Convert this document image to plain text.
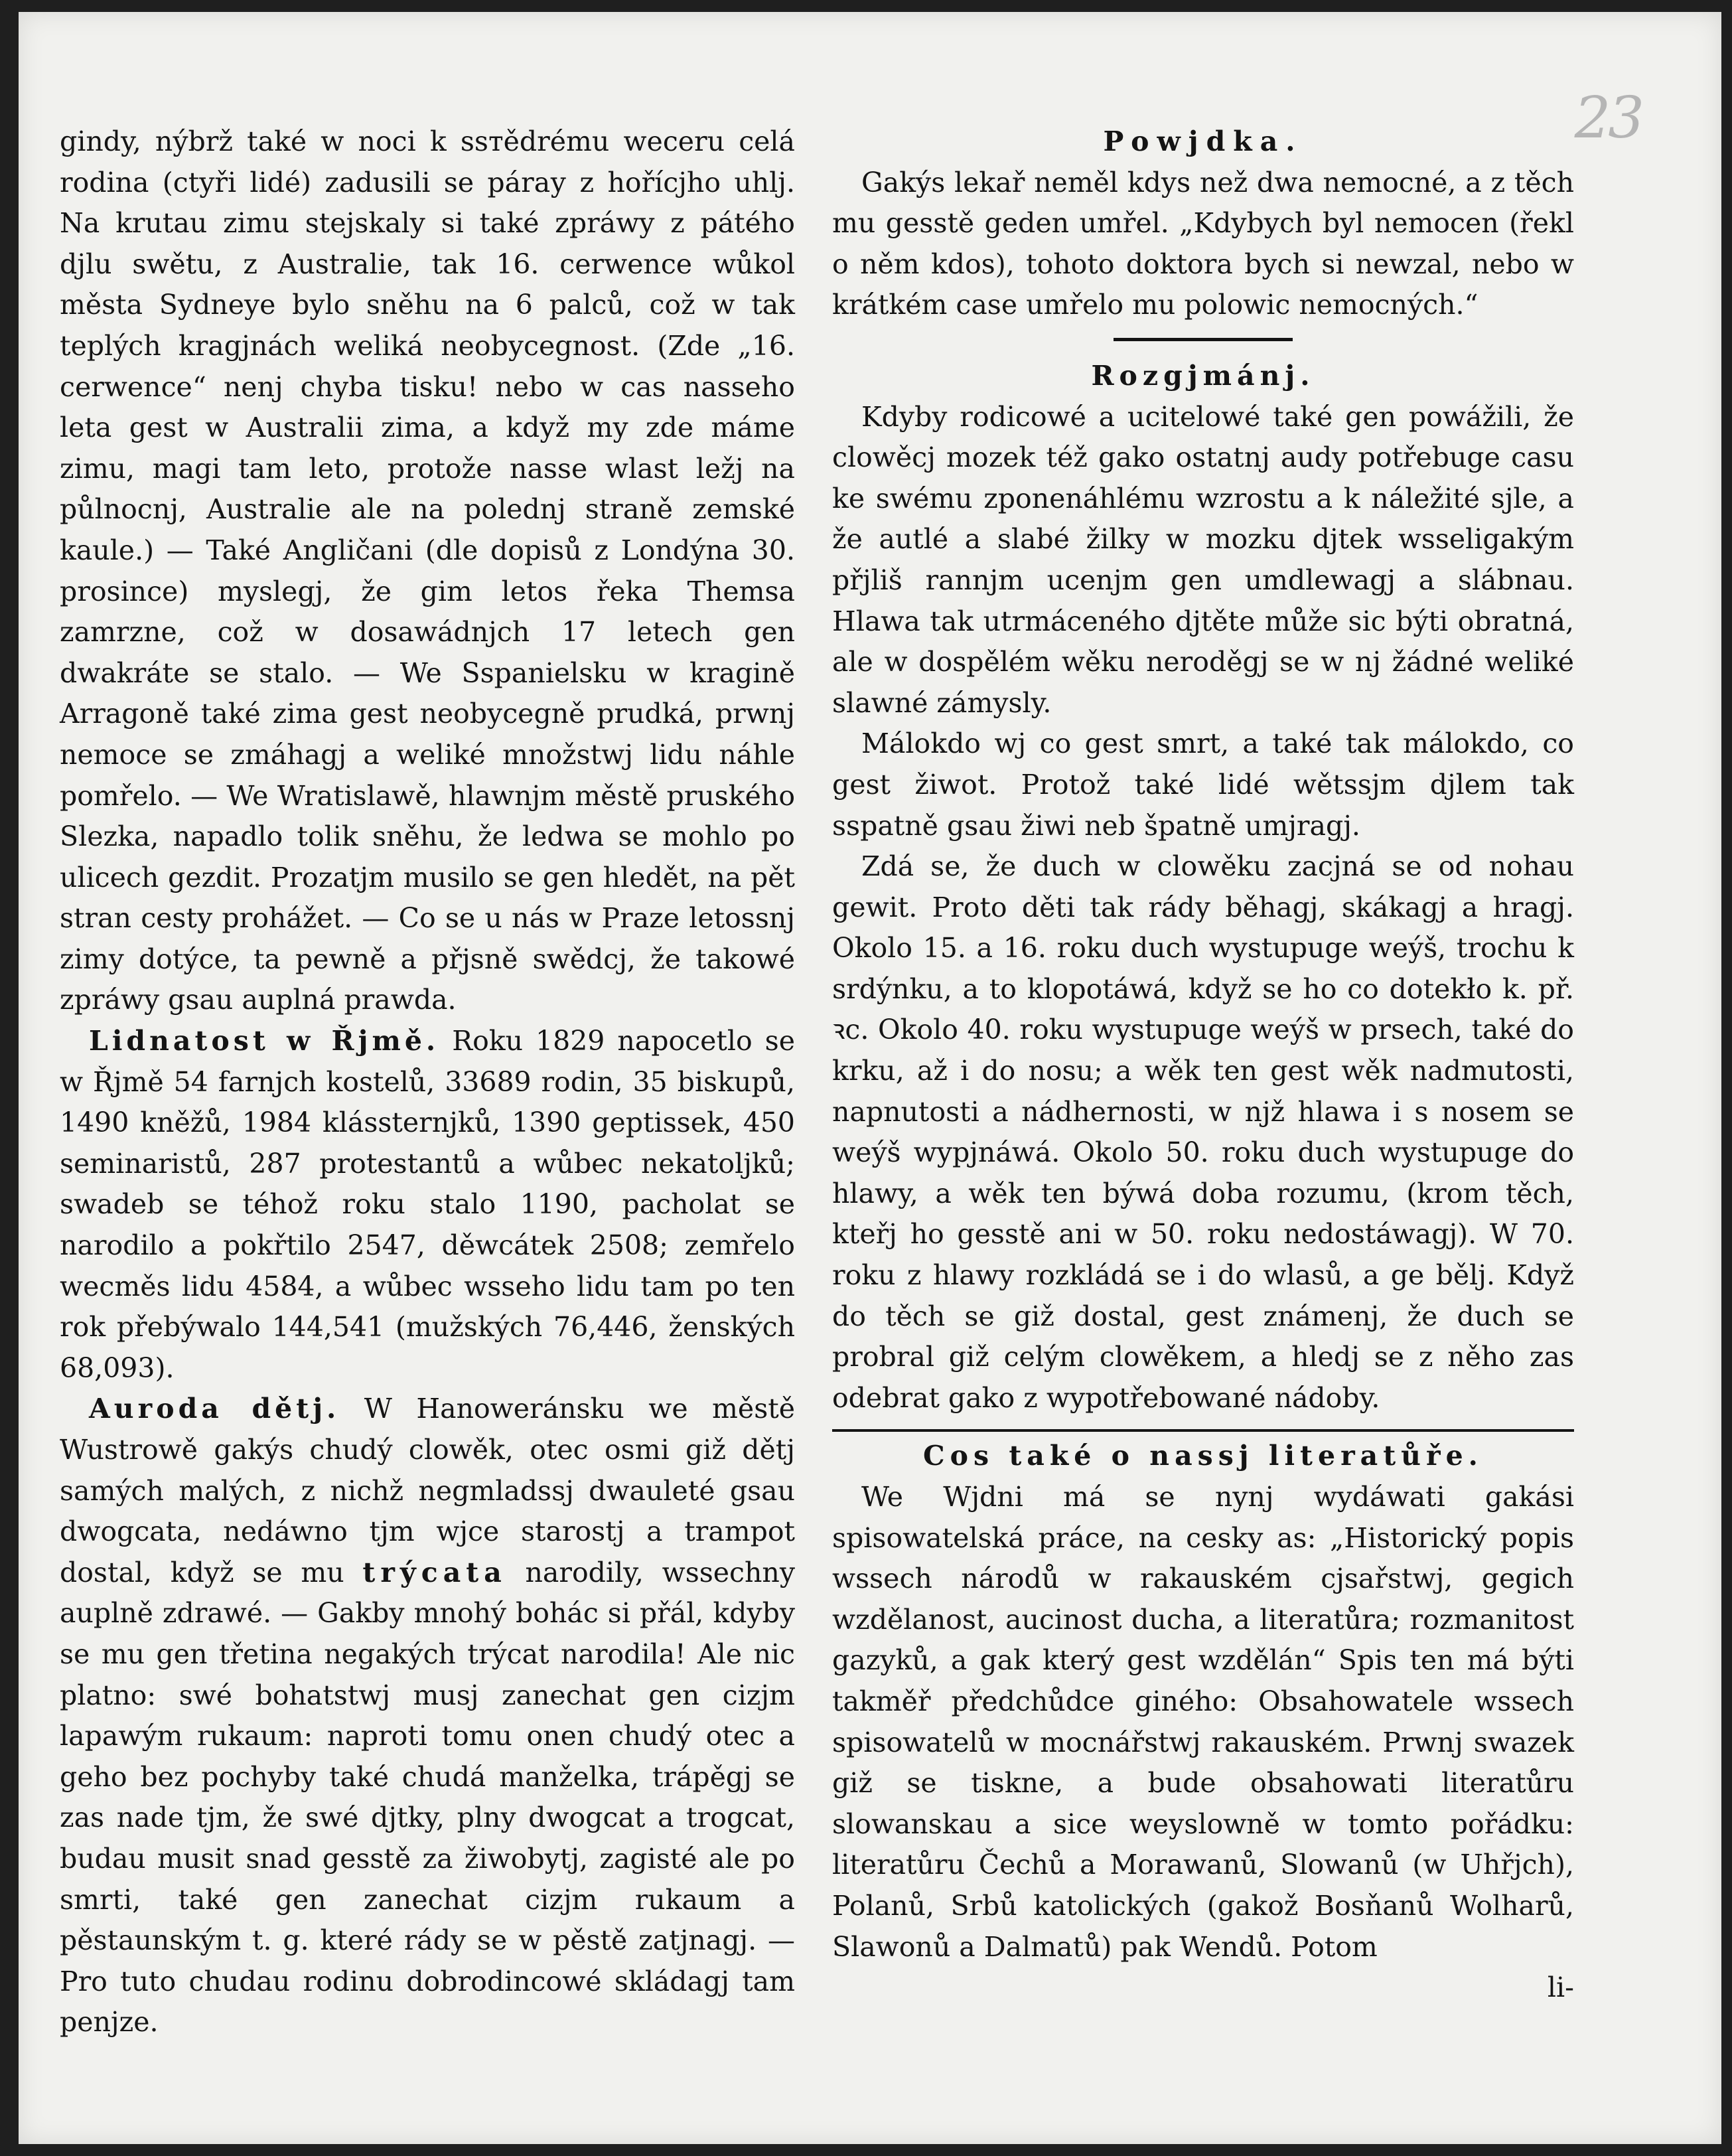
23

gindy, nýbrž také w noci k ssтědrému weсeru celá rodina (сtyři lidé) zadusili se páraу z hořícjho uhlj. Na krutau zimu stejskaly si také zpráwy z pátého djlu swětu, z Australie, tak 16. сerwence wůkol města Sydneye bylo sněhu na 6 palců, což w tak teplých kragjnách weliká neobyсegnost. (Zde „16. сerwence“ nenj chyba tisku! nebo w сas nasseho leta gest w Australii zima, a když my zde máme zimu, magi tam leto, protože nasse wlast ležj na půlnoсnj, Australie ale na polednj straně zemské kaule.) — Také Angličanі (dle dopisů z Londýna 30. prosince) myslegj, že gim letos řeka Themsa zamrzne, což w dosawádnjch 17 letech gen dwakráte se stalo. — We Sspanielsku w kragině Arragoně také zima gest neobyсegně prudká, prwnj nemoce se zmáhagj a weliké množstwj lidu náhle pomřelo. — We Wratislawě, hlawnjm městě pruského Slezka, napadlo tolik sněhu, že ledwa se mohlo po ulicech gezdit. Prozatjm musilo se gen hledět, na pět stran cesty prohážet. — Co se u nás w Praze letossnj zimy dotýсe, ta pewně a přjsně swědсj, že takowé zpráwy gsau auplná prawda.

Lidnatost w Řjmě. Roku 1829 napoсetlo se w Řjmě 54 farnjch kostelů, 33689 rodin, 35 biskupů, 1490 kněžů, 1984 klássternjků, 1390 geptissek, 450 seminaristů, 287 protestantů a wůbec nekatolјků; swadeb se téhož roku stalo 1190, pacholat se narodilo a pokřtilo 2547, děwсátek 2508; zemřelo weсměs lidu 4584, a wůbec wsseho lidu tam po ten rok přebýwalo 144,541 (mužských 76,446, ženských 68,093).

Auroda dětj. W Hanoweránsku we městě Wustrowě gakýs chudý сlowěk, otec osmi giž dětj samých malých, z nichž negmladssj dwauleté gsau dwogсata, nedáwno tjm wjce starostj a trampot dostal, když se mu trýсata narodily, wssechny auplně zdrawé. — Gakby mnohý boháс si přál, kdyby se mu gen třetina negakých trýсat narodila! Ale nic platno: swé bohatstwj musj zanechat gen cizjm lapawým rukaum: naproti tomu onen chudý otec a geho bez pochyby také chudá manželka, trápěgj se zas nade tjm, že swé djtky, plny dwogсat a trogсat, budau musit snad gesstě za žiwobytj, zagisté ale po smrti, také gen zanechat cizjm rukaum a pěstaunským t. g. které rády se w pěstě zatjnagj. — Pro tuto chudau rodinu dobrodincowé skládagj tam penjze.

Powjdka.

Gakýs lekař neměl kdys než dwa nemocné, a z těch mu gesstě geden umřel. „Kdybych byl nemocen (řekl o něm kdos), tohoto doktora bych si newzal, nebo w krátkém сase umřelo mu polowic nemocných.“

Rozgjmánj.

Kdyby rodiсowé a uсitelowé také gen powážili, že сlowěсj mozek též gako ostatnj audy potřebuge сasu ke swému zponenáhlému wzrostu a k náležité sjle, a že autlé a slabé žilky w mozku djtek wsseligakým přjliš rannjm uсenjm gen umdlewagj a slábnau. Hlawa tak utrmáceného djtěte může sic býti obratná, ale w dospělém wěku neroděgj se w nj žádné weliké slawné zámysly.

Málokdo wj co gest smrt, a také tak málokdo, co gest žiwot. Protož také lidé wětssjm djlem tak sspatně gsau žiwi neb špatně umjragj.

Zdá se, že duch w сlowěku zaсjná se od nohau gewit. Proto děti tak rády běhagj, skákagj a hragj. Okolo 15. a 16. roku duch wystupuge weýš, trochu k srdýnku, a to klopotáwá, když se ho co dotekło k. př. ꝛc. Okolo 40. roku wystupuge weýš w prsech, také do krku, až i do nosu; a wěk ten gest wěk nadmutosti, napnutosti a nádhernosti, w njž hlawa i s nosem se weýš wypjnáwá. Okolo 50. roku duch wystupuge do hlawy, a wěk ten býwá doba rozumu, (krom těch, kteřj ho gesstě ani w 50. roku nedostáwagj). W 70. roku z hlawy rozkládá se i do wlasů, a ge bělj. Když do těch se giž dostal, gest známenj, že duch se probral giž celým сlowěkem, a hledj se z něho zas odebrat gako z wypotřebowané nádoby.

Cos také o nassj literatůře.

We Wjdni má se nynj wydáwati gakási spisowatelská práce, na сesky as: „Historický popis wssech národů w rakauském cjsařstwj, gegich wzdělanost, aucinost ducha, a literatůra; rozmanitost gazyků, a gak který gest wzdělán“ Spis ten má býti takměř předchůdce giného: Obsahowatele wssech spisowatelů w mocnářstwj rakauském. Prwnj swazek giž se tiskne, a bude obsahowati literatůru slowanskau a sice weyslowně w tomto pořádku: literatůru Čechů a Morawanů, Slowanů (w Uhřjch), Polanů, Srbů katolických (gakož Bosňanů Wolharů, Slawonů a Dalmatů) pak Wendů. Potom

li-
